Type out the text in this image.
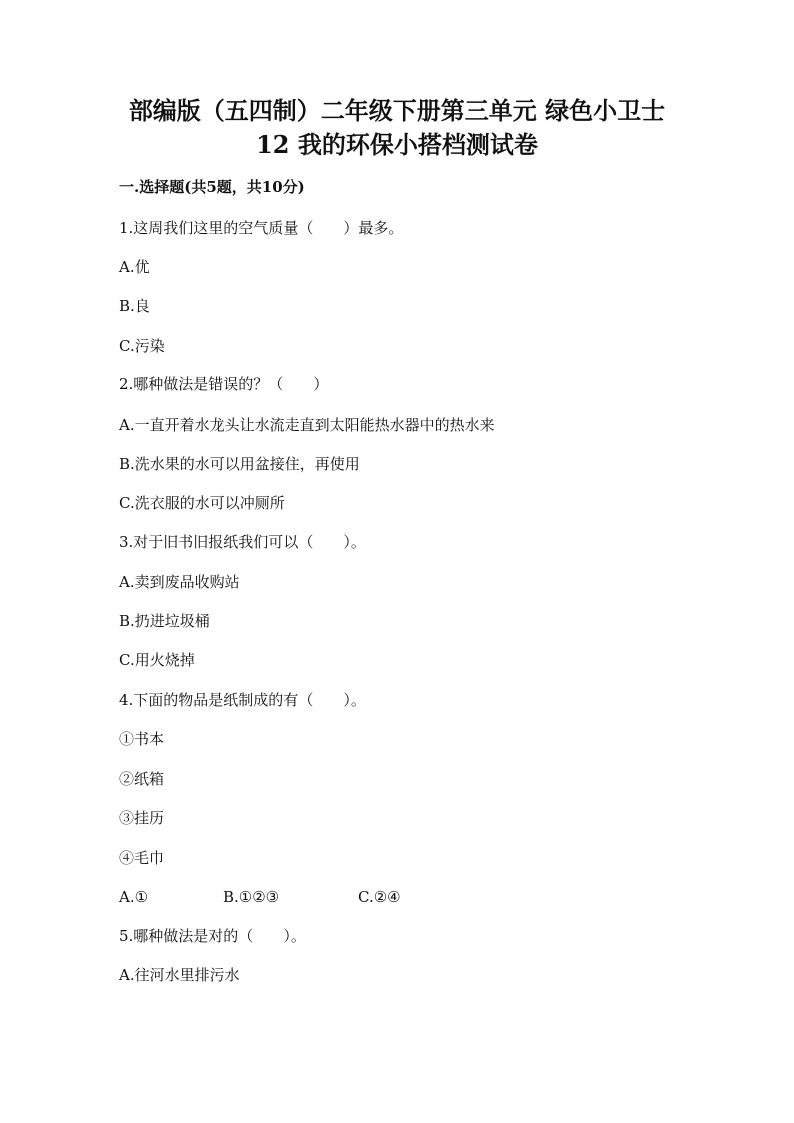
部编版（五四制）二年级下册第三单元 绿色小卫士
12 我的环保小搭档测试卷
一.选择题(共5题，共10分)
1.这周我们这里的空气质量（　　）最多。
A.优
B.良
C.污染
2.哪种做法是错误的？（　　）
A.一直开着水龙头让水流走直到太阳能热水器中的热水来
B.洗水果的水可以用盆接住，再使用
C.洗衣服的水可以冲厕所
3.对于旧书旧报纸我们可以（　　）。
A.卖到废品收购站
B.扔进垃圾桶
C.用火烧掉
4.下面的物品是纸制成的有（　　）。
①书本
②纸箱
③挂历
④毛巾
A.①	B.①②③	C.②④
5.哪种做法是对的（　　）。
A.往河水里排污水
